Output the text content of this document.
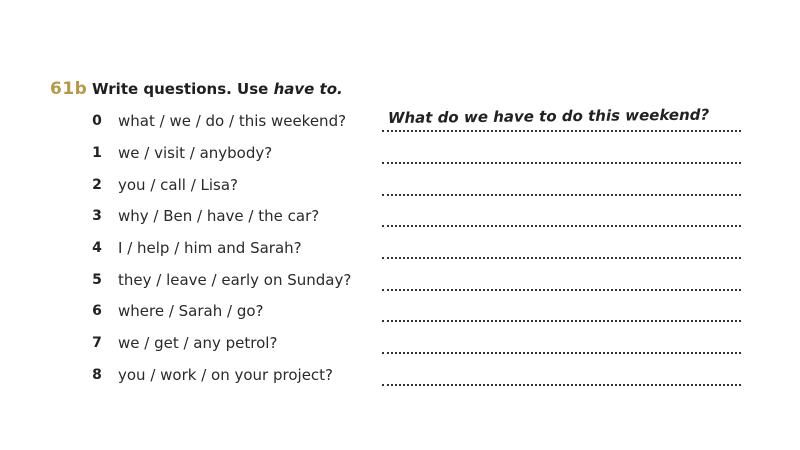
61b Write questions. Use have to.
0 what / we / do / this weekend?	What do we have to do this weekend?
1 we / visit / anybody?
2 you / call / Lisa?
3 why / Ben / have / the car?
4 I / help / him and Sarah?
5 they / leave / early on Sunday?
6 where / Sarah / go?
7 we / get / any petrol?
8 you / work / on your project?
